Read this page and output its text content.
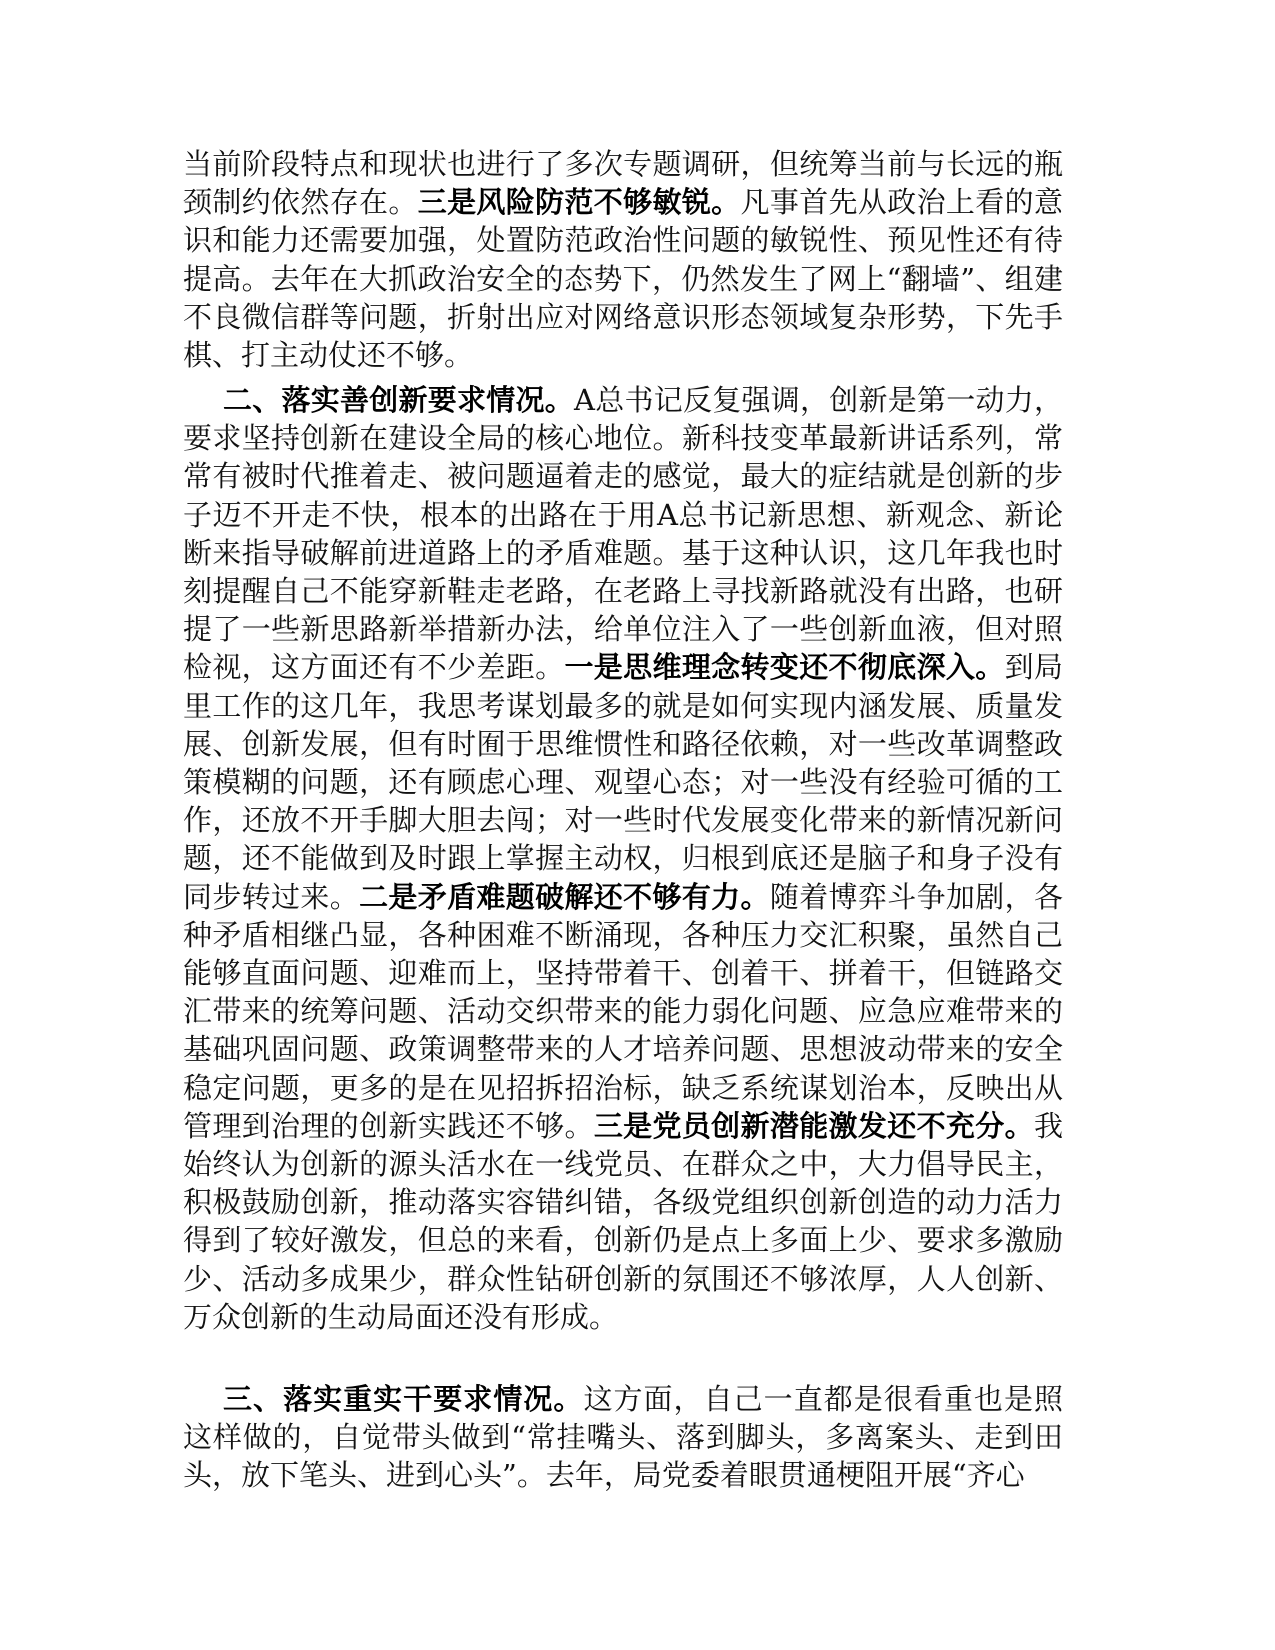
当前阶段特点和现状也进行了多次专题调研，但统筹当前与长远的瓶颈制约依然存在。三是风险防范不够敏锐。凡事首先从政治上看的意识和能力还需要加强，处置防范政治性问题的敏锐性、预见性还有待提高。去年在大抓政治安全的态势下，仍然发生了网上“翻墙”、组建不良微信群等问题，折射出应对网络意识形态领域复杂形势，下先手棋、打主动仗还不够。

二、落实善创新要求情况。A总书记反复强调，创新是第一动力，要求坚持创新在建设全局的核心地位。新科技变革最新讲话系列，常常有被时代推着走、被问题逼着走的感觉，最大的症结就是创新的步子迈不开走不快，根本的出路在于用A总书记新思想、新观念、新论断来指导破解前进道路上的矛盾难题。基于这种认识，这几年我也时刻提醒自己不能穿新鞋走老路，在老路上寻找新路就没有出路，也研提了一些新思路新举措新办法，给单位注入了一些创新血液，但对照检视，这方面还有不少差距。一是思维理念转变还不彻底深入。到局里工作的这几年，我思考谋划最多的就是如何实现内涵发展、质量发展、创新发展，但有时囿于思维惯性和路径依赖，对一些改革调整政策模糊的问题，还有顾虑心理、观望心态；对一些没有经验可循的工作，还放不开手脚大胆去闯；对一些时代发展变化带来的新情况新问题，还不能做到及时跟上掌握主动权，归根到底还是脑子和身子没有同步转过来。二是矛盾难题破解还不够有力。随着博弈斗争加剧，各种矛盾相继凸显，各种困难不断涌现，各种压力交汇积聚，虽然自己能够直面问题、迎难而上，坚持带着干、创着干、拼着干，但链路交汇带来的统筹问题、活动交织带来的能力弱化问题、应急应难带来的基础巩固问题、政策调整带来的人才培养问题、思想波动带来的安全稳定问题，更多的是在见招拆招治标，缺乏系统谋划治本，反映出从管理到治理的创新实践还不够。三是党员创新潜能激发还不充分。我始终认为创新的源头活水在一线党员、在群众之中，大力倡导民主，积极鼓励创新，推动落实容错纠错，各级党组织创新创造的动力活力得到了较好激发，但总的来看，创新仍是点上多面上少、要求多激励少、活动多成果少，群众性钻研创新的氛围还不够浓厚，人人创新、万众创新的生动局面还没有形成。

三、落实重实干要求情况。这方面，自己一直都是很看重也是照这样做的，自觉带头做到“常挂嘴头、落到脚头，多离案头、走到田头，放下笔头、进到心头”。去年，局党委着眼贯通梗阻开展“齐心
